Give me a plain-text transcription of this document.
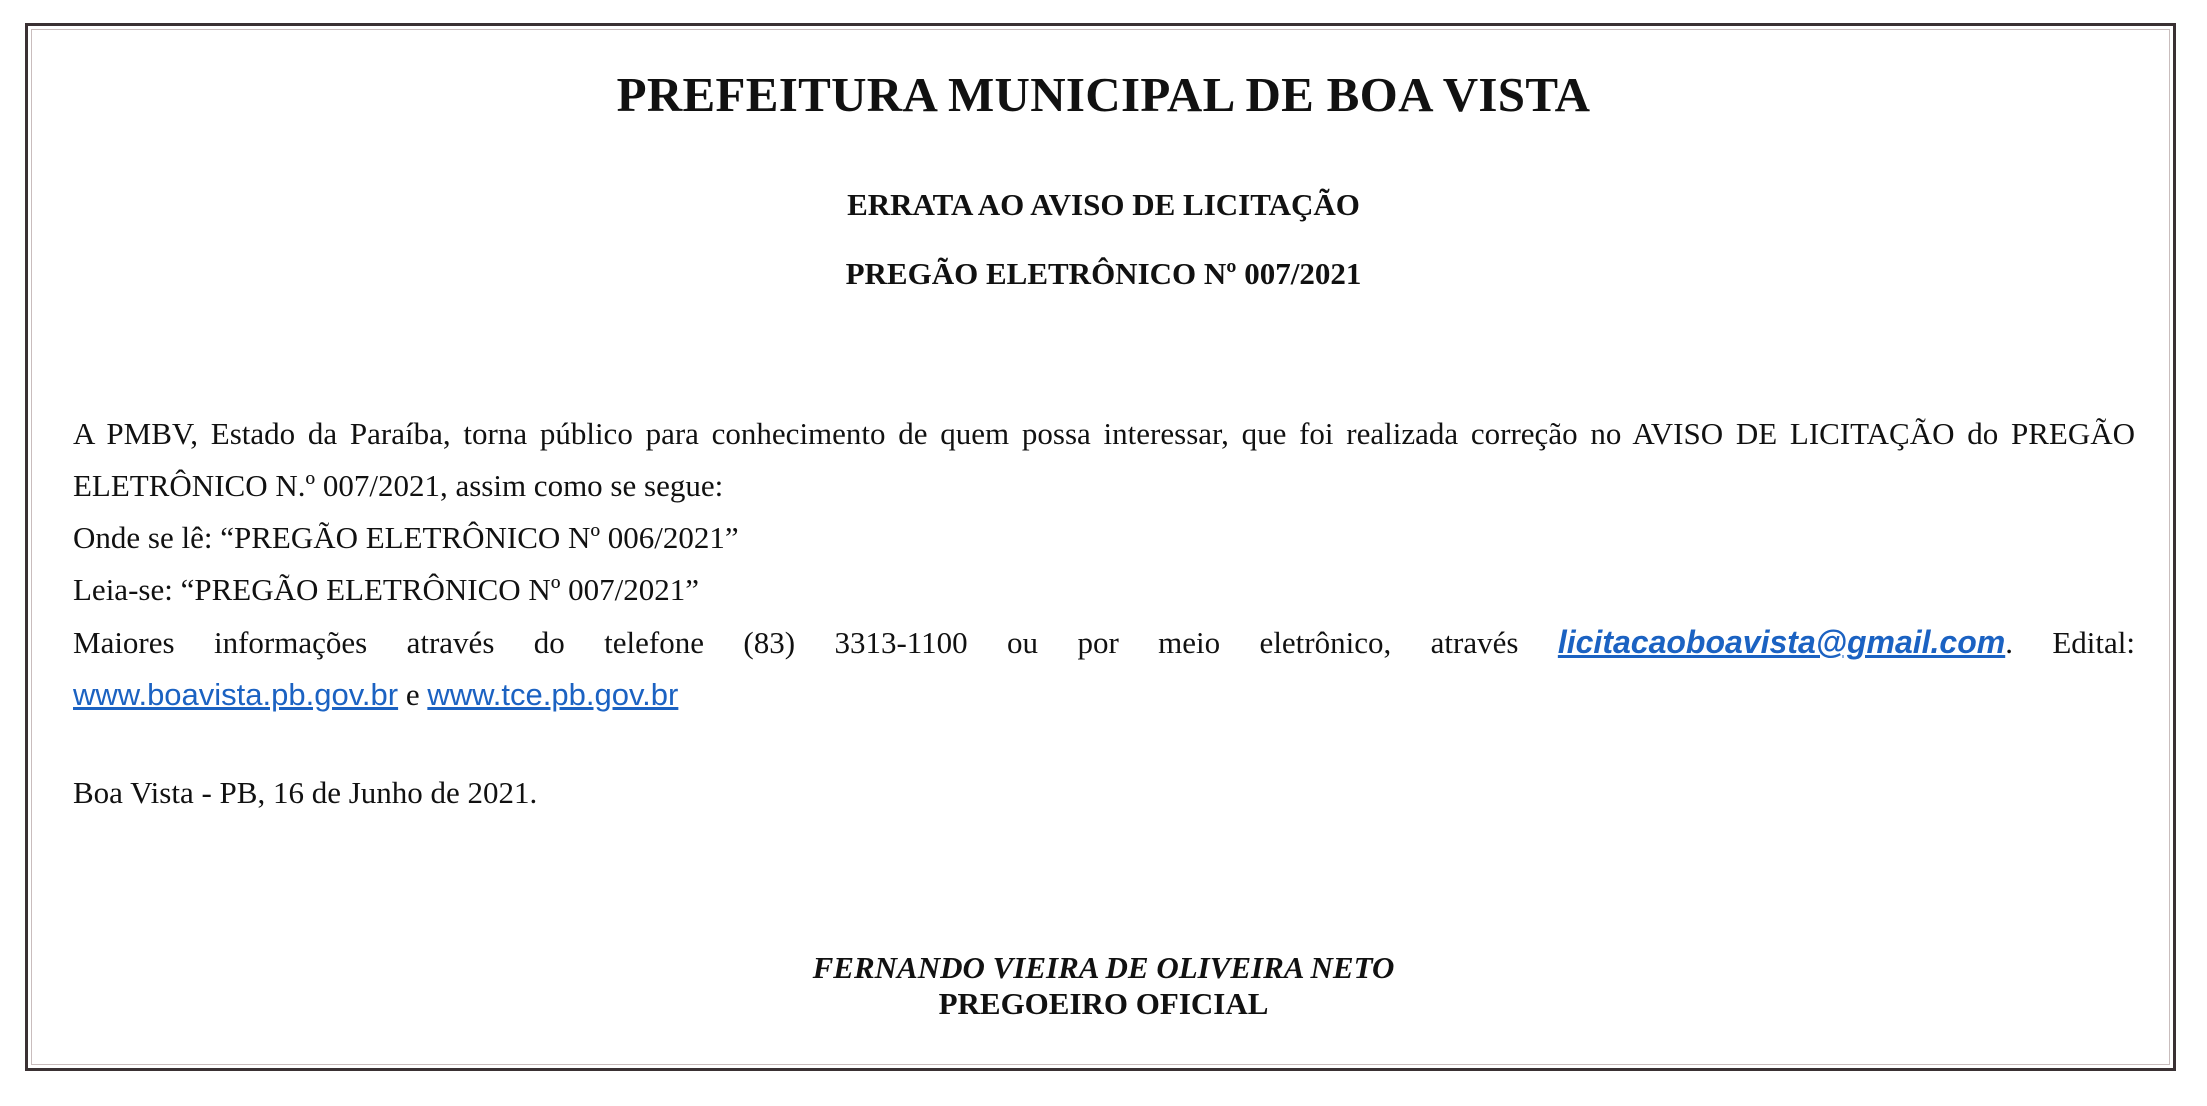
PREFEITURA MUNICIPAL DE BOA VISTA
ERRATA AO AVISO DE LICITAÇÃO
PREGÃO ELETRÔNICO Nº 007/2021

A PMBV, Estado da Paraíba, torna público para conhecimento de quem possa interessar, que foi realizada correção no AVISO DE LICITAÇÃO do PREGÃO ELETRÔNICO N.º 007/2021, assim como se segue:

Onde se lê: “PREGÃO ELETRÔNICO Nº 006/2021”

Leia-se: “PREGÃO ELETRÔNICO Nº 007/2021”

Maiores informações através do telefone (83) 3313-1100 ou por meio eletrônico, através licitacaoboavista@gmail.com. Edital:

www.boavista.pb.gov.br e www.tce.pb.gov.br

Boa Vista - PB, 16 de Junho de 2021.
FERNANDO VIEIRA DE OLIVEIRA NETO
PREGOEIRO OFICIAL
